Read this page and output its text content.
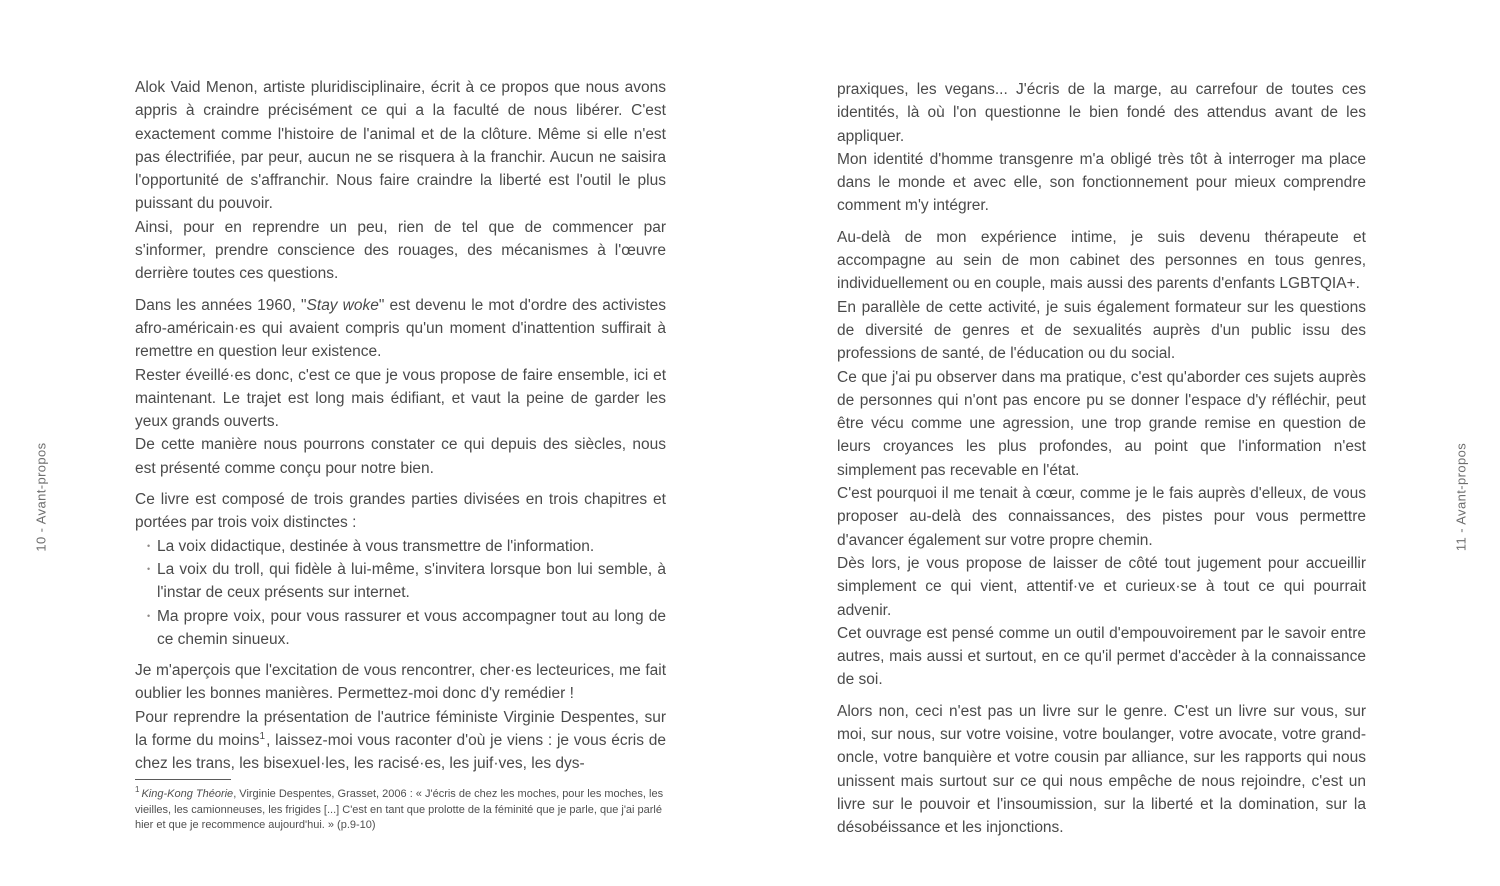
10 - Avant-propos	11 - Avant-propos

Alok Vaid Menon, artiste pluridisciplinaire, écrit à ce propos que nous avons appris à craindre précisément ce qui a la faculté de nous libérer. C'est exactement comme l'histoire de l'animal et de la clôture. Même si elle n'est pas électrifiée, par peur, aucun ne se risquera à la franchir. Aucun ne saisira l'opportunité de s'affranchir. Nous faire craindre la liberté est l'outil le plus puissant du pouvoir.

Ainsi, pour en reprendre un peu, rien de tel que de commencer par s'informer, prendre conscience des rouages, des mécanismes à l'œuvre derrière toutes ces questions.

Dans les années 1960, "Stay woke" est devenu le mot d'ordre des activistes afro-américain·es qui avaient compris qu'un moment d'inattention suffirait à remettre en question leur existence.

Rester éveillé·es donc, c'est ce que je vous propose de faire ensemble, ici et maintenant. Le trajet est long mais édifiant, et vaut la peine de garder les yeux grands ouverts.

De cette manière nous pourrons constater ce qui depuis des siècles, nous est présenté comme conçu pour notre bien.

Ce livre est composé de trois grandes parties divisées en trois chapitres et portées par trois voix distinctes :

• La voix didactique, destinée à vous transmettre de l'information.
• La voix du troll, qui fidèle à lui-même, s'invitera lorsque bon lui semble, à l'instar de ceux présents sur internet.
• Ma propre voix, pour vous rassurer et vous accompagner tout au long de ce chemin sinueux.

Je m'aperçois que l'excitation de vous rencontrer, cher·es lecteurices, me fait oublier les bonnes manières. Permettez-moi donc d'y remédier !

Pour reprendre la présentation de l'autrice féministe Virginie Despentes, sur la forme du moins$^1$, laissez-moi vous raconter d'où je viens : je vous écris de chez les trans, les bisexuel·les, les racisé·es, les juif·ves, les dys-

$^1$ King-Kong Théorie, Virginie Despentes, Grasset, 2006 : « J'écris de chez les moches, pour les moches, les vieilles, les camionneuses, les frigides [...] C'est en tant que prolotte de la féminité que je parle, que j'ai parlé hier et que je recommence aujourd'hui. » (p.9-10)

praxiques, les vegans... J'écris de la marge, au carrefour de toutes ces identités, là où l'on questionne le bien fondé des attendus avant de les appliquer.

Mon identité d'homme transgenre m'a obligé très tôt à interroger ma place dans le monde et avec elle, son fonctionnement pour mieux comprendre comment m'y intégrer.

Au-delà de mon expérience intime, je suis devenu thérapeute et accompagne au sein de mon cabinet des personnes en tous genres, individuellement ou en couple, mais aussi des parents d'enfants LGBTQIA+.

En parallèle de cette activité, je suis également formateur sur les questions de diversité de genres et de sexualités auprès d'un public issu des professions de santé, de l'éducation ou du social.

Ce que j'ai pu observer dans ma pratique, c'est qu'aborder ces sujets auprès de personnes qui n'ont pas encore pu se donner l'espace d'y réfléchir, peut être vécu comme une agression, une trop grande remise en question de leurs croyances les plus profondes, au point que l'information n'est simplement pas recevable en l'état.

C'est pourquoi il me tenait à cœur, comme je le fais auprès d'elleux, de vous proposer au-delà des connaissances, des pistes pour vous permettre d'avancer également sur votre propre chemin.

Dès lors, je vous propose de laisser de côté tout jugement pour accueillir simplement ce qui vient, attentif·ve et curieux·se à tout ce qui pourrait advenir.

Cet ouvrage est pensé comme un outil d'empouvoirement par le savoir entre autres, mais aussi et surtout, en ce qu'il permet d'accèder à la connaissance de soi.

Alors non, ceci n'est pas un livre sur le genre. C'est un livre sur vous, sur moi, sur nous, sur votre voisine, votre boulanger, votre avocate, votre grand-oncle, votre banquière et votre cousin par alliance, sur les rapports qui nous unissent mais surtout sur ce qui nous empêche de nous rejoindre, c'est un livre sur le pouvoir et l'insoumission, sur la liberté et la domination, sur la désobéissance et les injonctions.
